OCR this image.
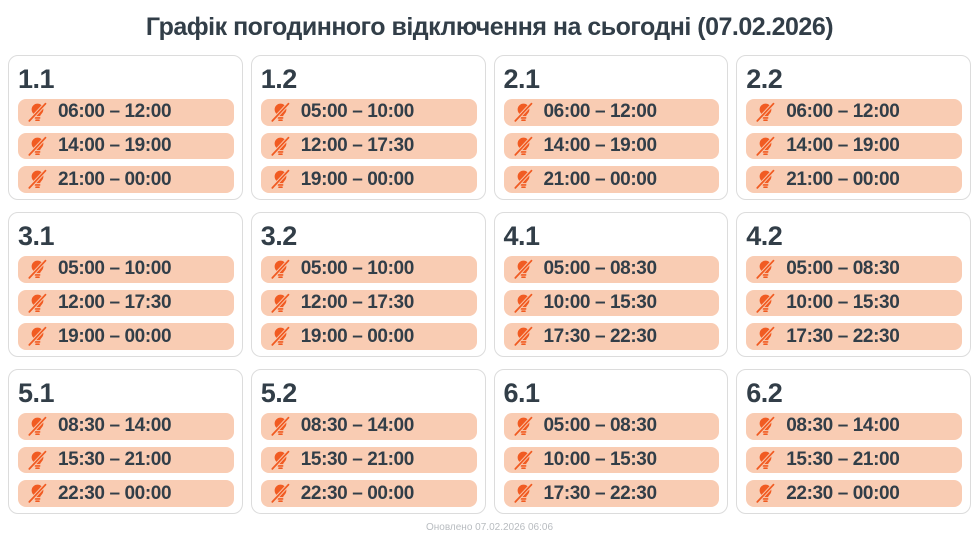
Графік погодинного відключення на сьогодні (07.02.2026)
1.1
06:00 – 12:00
14:00 – 19:00
21:00 – 00:00
1.2
05:00 – 10:00
12:00 – 17:30
19:00 – 00:00
2.1
06:00 – 12:00
14:00 – 19:00
21:00 – 00:00
2.2
06:00 – 12:00
14:00 – 19:00
21:00 – 00:00
3.1
05:00 – 10:00
12:00 – 17:30
19:00 – 00:00
3.2
05:00 – 10:00
12:00 – 17:30
19:00 – 00:00
4.1
05:00 – 08:30
10:00 – 15:30
17:30 – 22:30
4.2
05:00 – 08:30
10:00 – 15:30
17:30 – 22:30
5.1
08:30 – 14:00
15:30 – 21:00
22:30 – 00:00
5.2
08:30 – 14:00
15:30 – 21:00
22:30 – 00:00
6.1
05:00 – 08:30
10:00 – 15:30
17:30 – 22:30
6.2
08:30 – 14:00
15:30 – 21:00
22:30 – 00:00
Оновлено 07.02.2026 06:06
